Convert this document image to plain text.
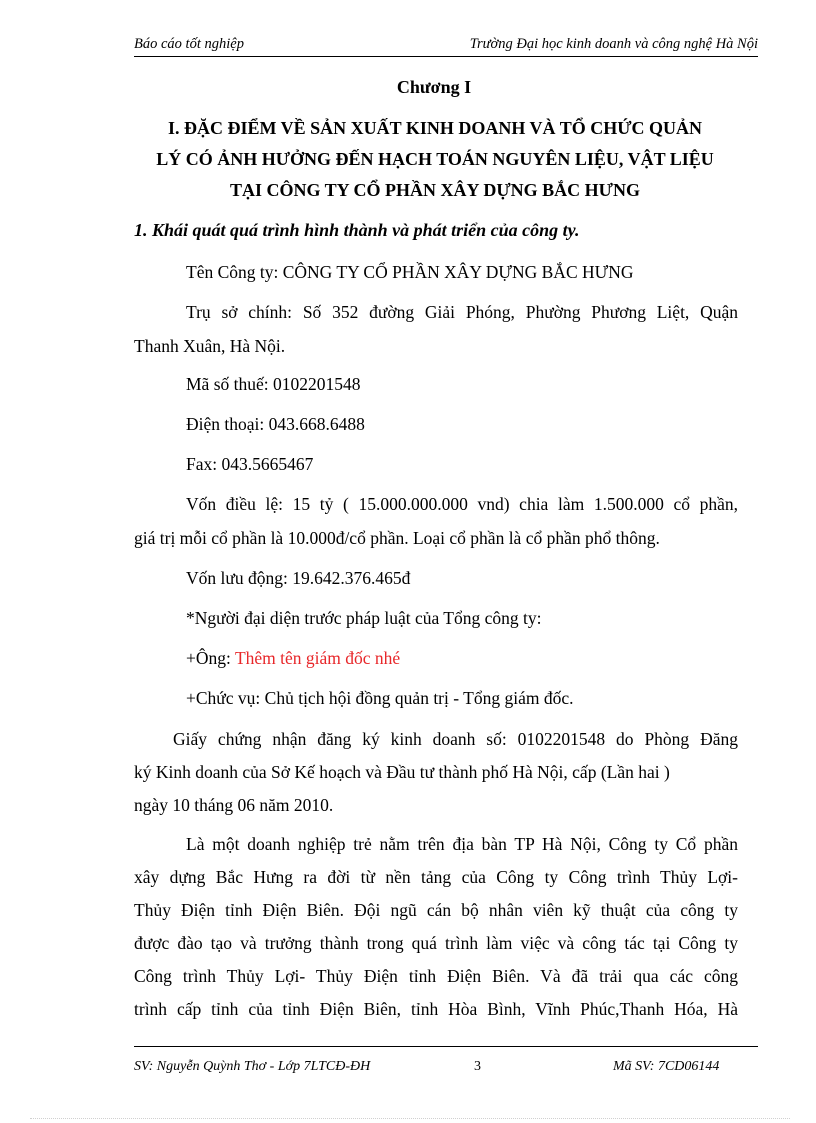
Báo cáo tốt nghiệp	Trường Đại học kinh doanh và công nghệ Hà Nội
Chương I
I. ĐẶC ĐIỂM VỀ SẢN XUẤT KINH DOANH VÀ TỔ CHỨC QUẢN
LÝ CÓ ẢNH HƯỞNG ĐẾN HẠCH TOÁN NGUYÊN LIỆU, VẬT LIỆU
TẠI CÔNG TY CỔ PHẦN XÂY DỰNG BẮC HƯNG
1. Khái quát quá trình hình thành và phát triển của công ty.
Tên Công ty: CÔNG TY CỔ PHẦN XÂY DỰNG BẮC HƯNG
Trụ sở chính: Số 352 đường Giải Phóng, Phường Phương Liệt, Quận
Thanh Xuân, Hà Nội.
Mã số thuế: 0102201548
Điện thoại: 043.668.6488
Fax: 043.5665467
Vốn điều lệ: 15 tỷ ( 15.000.000.000 vnd) chia làm 1.500.000 cổ phần,
giá trị mỗi cổ phần là 10.000đ/cổ phần. Loại cổ phần là cổ phần phổ thông.
Vốn lưu động: 19.642.376.465đ
*Người đại diện trước pháp luật của Tổng công ty:
+Ông: Thêm tên giám đốc nhé
+Chức vụ: Chủ tịch hội đồng quản trị - Tổng giám đốc.
Giấy chứng nhận đăng ký kinh doanh số: 0102201548 do Phòng Đăng
ký Kinh doanh của Sở Kế hoạch và Đầu tư thành phố Hà Nội, cấp (Lần hai )
ngày 10 tháng 06 năm 2010.
Là một doanh nghiệp trẻ nằm trên địa bàn TP Hà Nội, Công ty Cổ phần
xây dựng Bắc Hưng ra đời từ nền tảng của Công ty Công trình Thủy Lợi-
Thủy Điện tỉnh Điện Biên. Đội ngũ cán bộ nhân viên kỹ thuật của công ty
được đào tạo và trưởng thành trong quá trình làm việc và công tác tại Công ty
Công trình Thủy Lợi- Thủy Điện tỉnh Điện Biên. Và đã trải qua các công
trình cấp tỉnh của tỉnh Điện Biên, tỉnh Hòa Bình, Vĩnh Phúc,Thanh Hóa, Hà
SV: Nguyễn Quỳnh Thơ - Lớp 7LTCĐ-ĐH	3	Mã SV: 7CD06144
